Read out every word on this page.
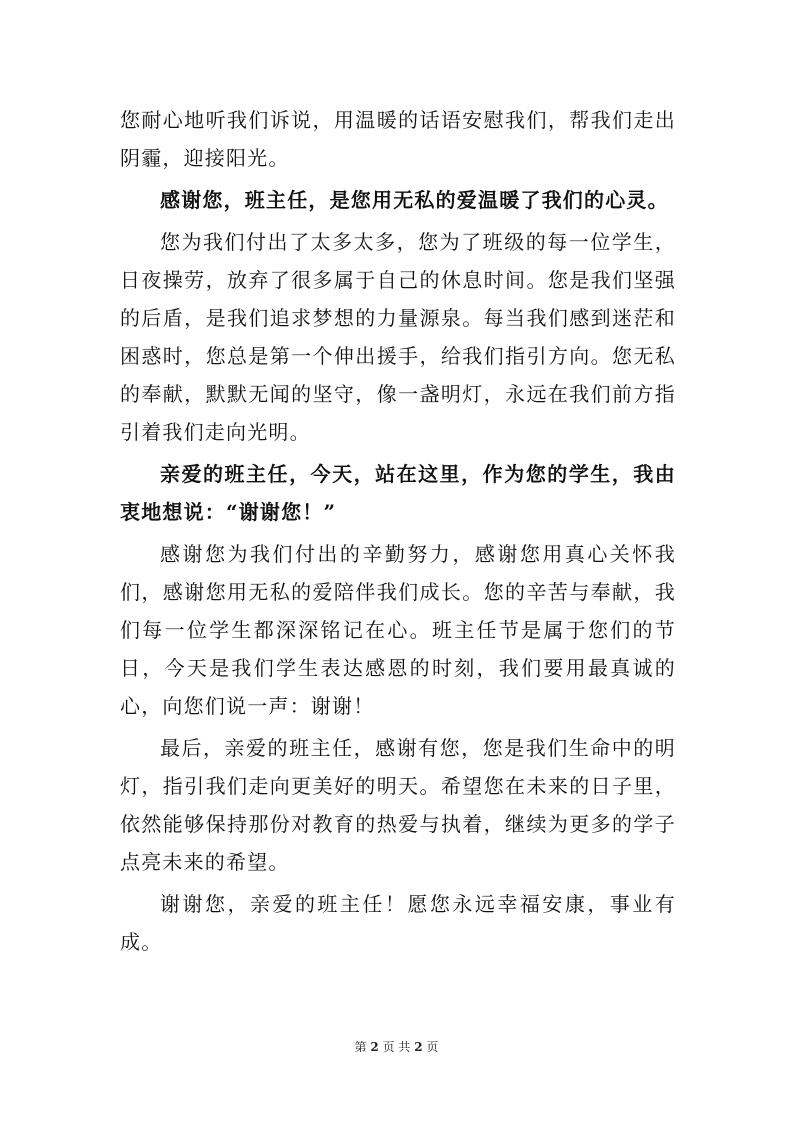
您耐心地听我们诉说，用温暖的话语安慰我们，帮我们走出阴霾，迎接阳光。

感谢您，班主任，是您用无私的爱温暖了我们的心灵。

您为我们付出了太多太多，您为了班级的每一位学生，日夜操劳，放弃了很多属于自己的休息时间。您是我们坚强的后盾，是我们追求梦想的力量源泉。每当我们感到迷茫和困惑时，您总是第一个伸出援手，给我们指引方向。您无私的奉献，默默无闻的坚守，像一盏明灯，永远在我们前方指引着我们走向光明。

亲爱的班主任，今天，站在这里，作为您的学生，我由衷地想说：“谢谢您！”

感谢您为我们付出的辛勤努力，感谢您用真心关怀我们，感谢您用无私的爱陪伴我们成长。您的辛苦与奉献，我们每一位学生都深深铭记在心。班主任节是属于您们的节日，今天是我们学生表达感恩的时刻，我们要用最真诚的心，向您们说一声：谢谢！

最后，亲爱的班主任，感谢有您，您是我们生命中的明灯，指引我们走向更美好的明天。希望您在未来的日子里，依然能够保持那份对教育的热爱与执着，继续为更多的学子点亮未来的希望。

谢谢您，亲爱的班主任！愿您永远幸福安康，事业有成。

第 2 页 共 2 页
